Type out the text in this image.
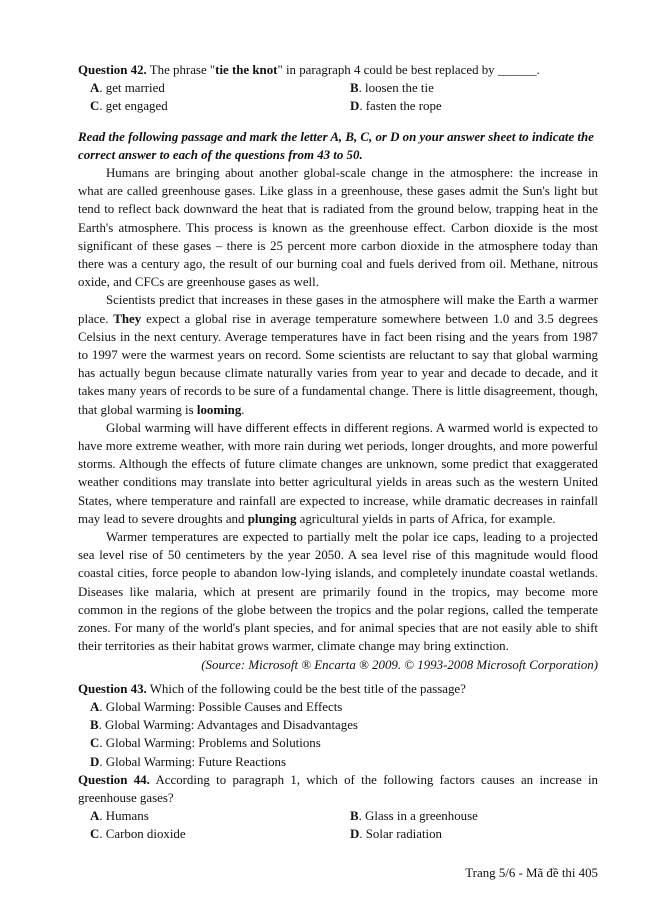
Question 42. The phrase "tie the knot" in paragraph 4 could be best replaced by ______.

A. get married	B. loosen the tie
C. get engaged	D. fasten the rope

Read the following passage and mark the letter A, B, C, or D on your answer sheet to indicate the correct answer to each of the questions from 43 to 50.

Humans are bringing about another global-scale change in the atmosphere: the increase in what are called greenhouse gases. Like glass in a greenhouse, these gases admit the Sun's light but tend to reflect back downward the heat that is radiated from the ground below, trapping heat in the Earth's atmosphere. This process is known as the greenhouse effect. Carbon dioxide is the most significant of these gases – there is 25 percent more carbon dioxide in the atmosphere today than there was a century ago, the result of our burning coal and fuels derived from oil. Methane, nitrous oxide, and CFCs are greenhouse gases as well.

Scientists predict that increases in these gases in the atmosphere will make the Earth a warmer place. They expect a global rise in average temperature somewhere between 1.0 and 3.5 degrees Celsius in the next century. Average temperatures have in fact been rising and the years from 1987 to 1997 were the warmest years on record. Some scientists are reluctant to say that global warming has actually begun because climate naturally varies from year to year and decade to decade, and it takes many years of records to be sure of a fundamental change. There is little disagreement, though, that global warming is looming.

Global warming will have different effects in different regions. A warmed world is expected to have more extreme weather, with more rain during wet periods, longer droughts, and more powerful storms. Although the effects of future climate changes are unknown, some predict that exaggerated weather conditions may translate into better agricultural yields in areas such as the western United States, where temperature and rainfall are expected to increase, while dramatic decreases in rainfall may lead to severe droughts and plunging agricultural yields in parts of Africa, for example.

Warmer temperatures are expected to partially melt the polar ice caps, leading to a projected sea level rise of 50 centimeters by the year 2050. A sea level rise of this magnitude would flood coastal cities, force people to abandon low-lying islands, and completely inundate coastal wetlands. Diseases like malaria, which at present are primarily found in the tropics, may become more common in the regions of the globe between the tropics and the polar regions, called the temperate zones. For many of the world's plant species, and for animal species that are not easily able to shift their territories as their habitat grows warmer, climate change may bring extinction.

(Source: Microsoft ® Encarta ® 2009. © 1993-2008 Microsoft Corporation)

Question 43. Which of the following could be the best title of the passage?

A. Global Warming: Possible Causes and Effects
B. Global Warming: Advantages and Disadvantages
C. Global Warming: Problems and Solutions
D. Global Warming: Future Reactions

Question 44. According to paragraph 1, which of the following factors causes an increase in greenhouse gases?

A. Humans	B. Glass in a greenhouse
C. Carbon dioxide	D. Solar radiation
Trang 5/6 - Mã đề thi 405
